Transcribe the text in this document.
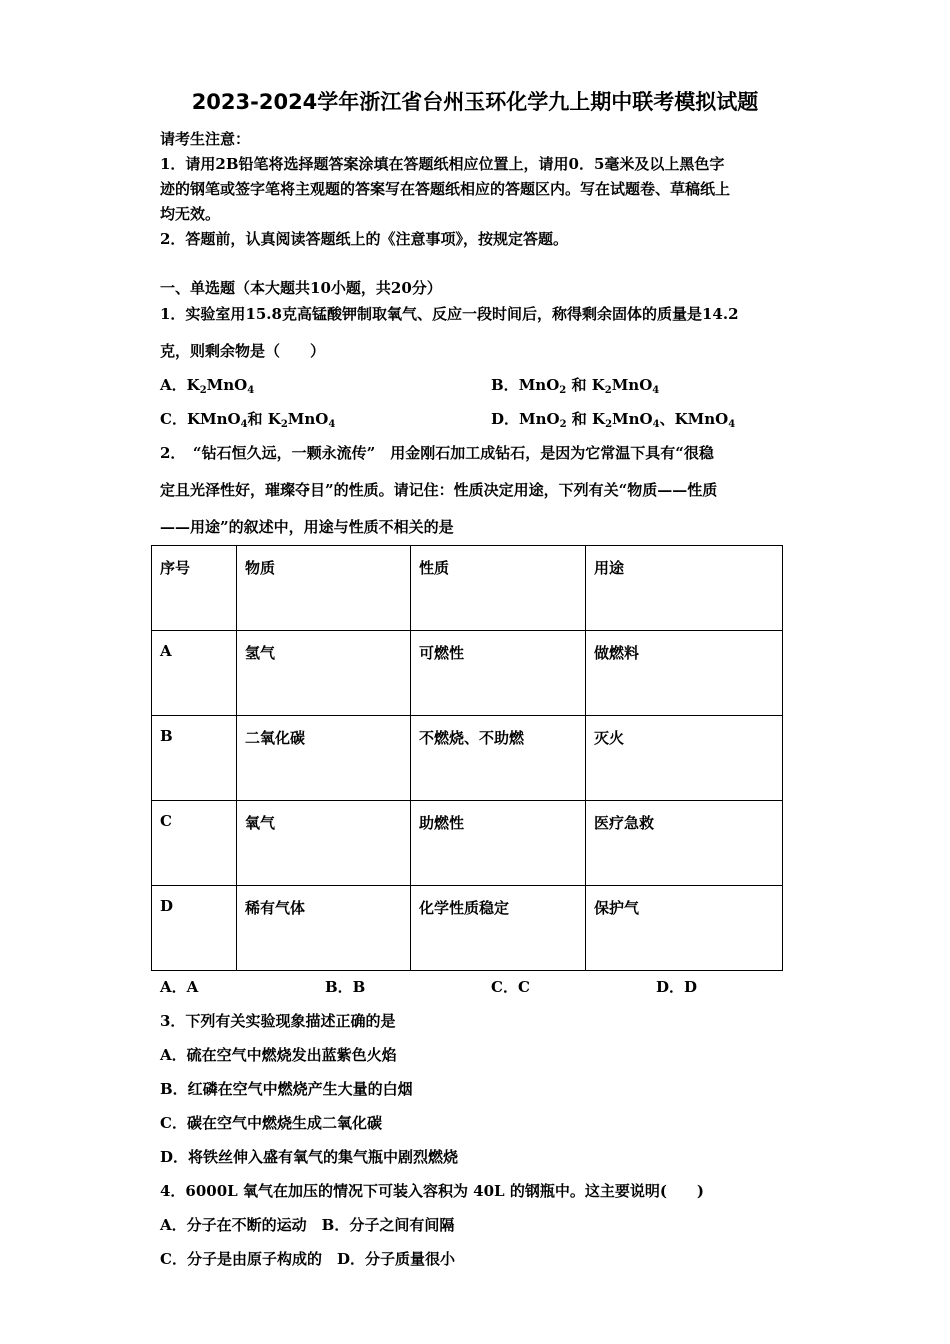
2023-2024学年浙江省台州玉环化学九上期中联考模拟试题
请考生注意：
1．请用2B铅笔将选择题答案涂填在答题纸相应位置上，请用0．5毫米及以上黑色字
迹的钢笔或签字笔将主观题的答案写在答题纸相应的答题区内。写在试题卷、草稿纸上
均无效。
2．答题前，认真阅读答题纸上的《注意事项》，按规定答题。
一、单选题（本大题共10小题，共20分）
1．实验室用15.8克高锰酸钾制取氧气、反应一段时间后，称得剩余固体的质量是14.2
克，则剩余物是（　　）
A．$K_2MnO_4$	B．MnO$_2$ 和 $K_2MnO_4$
C．KMnO$_4$和 $K_2MnO_4$	D．MnO$_2$ 和 $K_2MnO_4$、KMnO$_4$
2．　“钻石恒久远，一颗永流传”　用金刚石加工成钻石，是因为它常温下具有“很稳
定且光泽性好，璀璨夺目”的性质。请记住：性质决定用途，下列有关“物质——性质
——用途”的叙述中，用途与性质不相关的是
序号	物质	性质	用途
A	氢气	可燃性	做燃料
B	二氧化碳	不燃烧、不助燃	灭火
C	氧气	助燃性	医疗急救
D	稀有气体	化学性质稳定	保护气
A．A	B．B	C．C	D．D
3．下列有关实验现象描述正确的是
A．硫在空气中燃烧发出蓝紫色火焰
B．红磷在空气中燃烧产生大量的白烟
C．碳在空气中燃烧生成二氧化碳
D．将铁丝伸入盛有氧气的集气瓶中剧烈燃烧
4．6000L 氧气在加压的情况下可装入容积为 40L 的钢瓶中。这主要说明(　　)
A．分子在不断的运动　B．分子之间有间隔
C．分子是由原子构成的　D．分子质量很小
